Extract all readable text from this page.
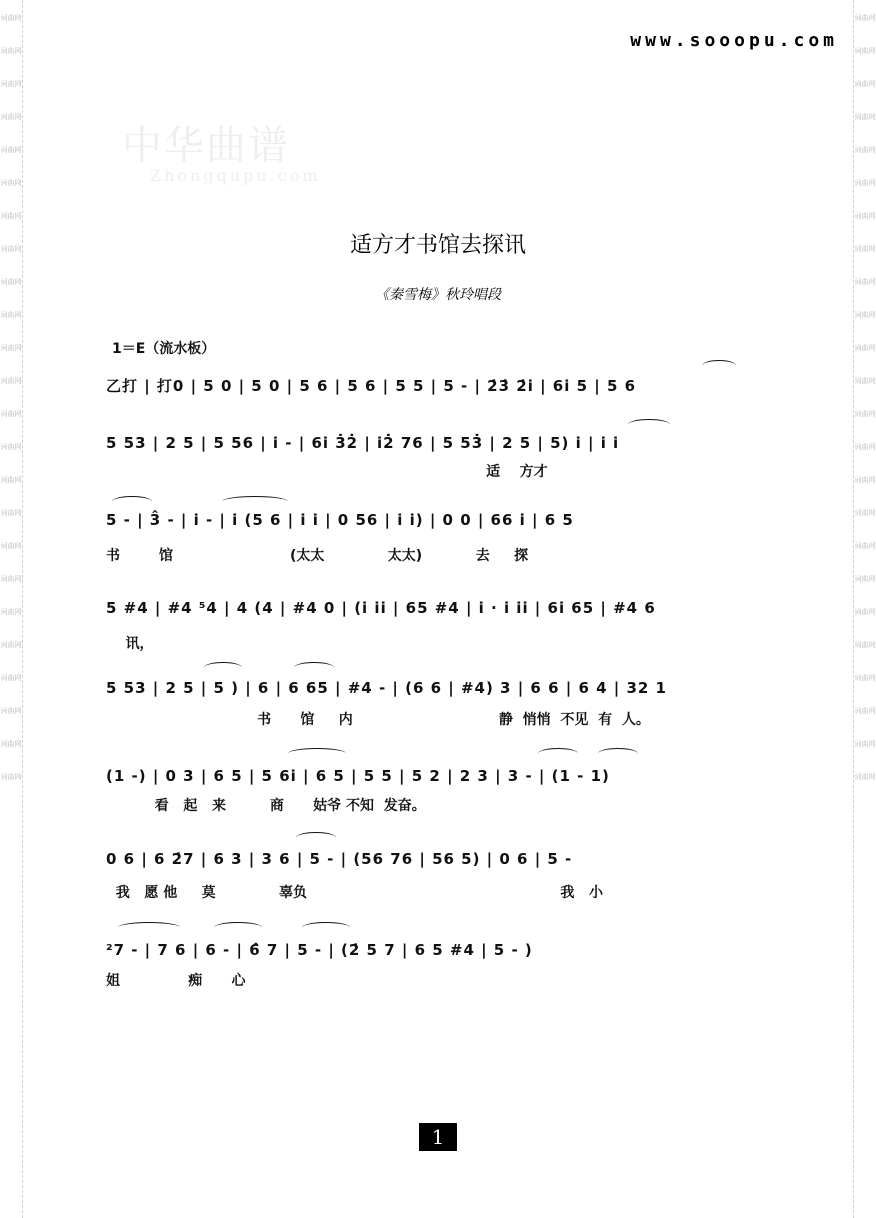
词曲网
词曲网
词曲网
词曲网
词曲网
词曲网
词曲网
词曲网
词曲网
词曲网
词曲网
词曲网
词曲网
词曲网
词曲网
词曲网
词曲网
词曲网
词曲网
词曲网
词曲网
词曲网
词曲网
词曲网
词曲网
词曲网
词曲网
词曲网
词曲网
词曲网
词曲网
词曲网
词曲网
词曲网
词曲网
词曲网
词曲网
词曲网
词曲网
词曲网
词曲网
词曲网
词曲网
词曲网
词曲网
词曲网
词曲网
词曲网
www.sooopu.com
中华曲谱
Zhongqupu.com
适方才书馆去探讯
《秦雪梅》秋玲唱段
1＝E（流水板）
乙打 | 打0 | 5 0 | 5 0 | 5 6 | 5 6 | 5 5 | 5 - | 2̇3̇ 2̇i | 6i 5 | 5 6
5 53 | 2 5 | 5 56 | i - | 6i 3̇2̇ | i2̇ 76 | 5 53̇ | 2 5 | 5) i | i i
适    方才
5 - | 3̂ - | i - | i (5 6 | i i | 0 56 | i i) | 0 0 | 66 i | 6 5
书        馆                        (太太             太太)           去     探
5 #4 | #4 ⁵4 | 4 (4 | #4 0 | (i ii | 65 #4 | i · i ii | 6i 65 | #4 6
讯，
5 53 | 2 5 | 5 ) | 6 | 6 65 | #4 - | (6 6 | #4) 3 | 6 6 | 6 4 | 32 1
书      馆     内                              静  悄悄  不见  有  人。
(1 -) | 0 3 | 6 5 | 5 6i | 6 5 | 5 5 | 5 2 | 2 3 | 3 - | (1 - 1)
看   起   来         商      姑爷 不知  发奋。
0 6 | 6 2̇7 | 6 3 | 3 6 | 5 - | (56 76 | 56 5) | 0 6 | 5 -
我   愿 他     莫             辜负                                                    我   小
²7 - | 7 6 | 6 - | 6̂ 7 | 5 - | (2̇ 5 7 | 6 5 #4 | 5 - )
姐              痴      心
1
